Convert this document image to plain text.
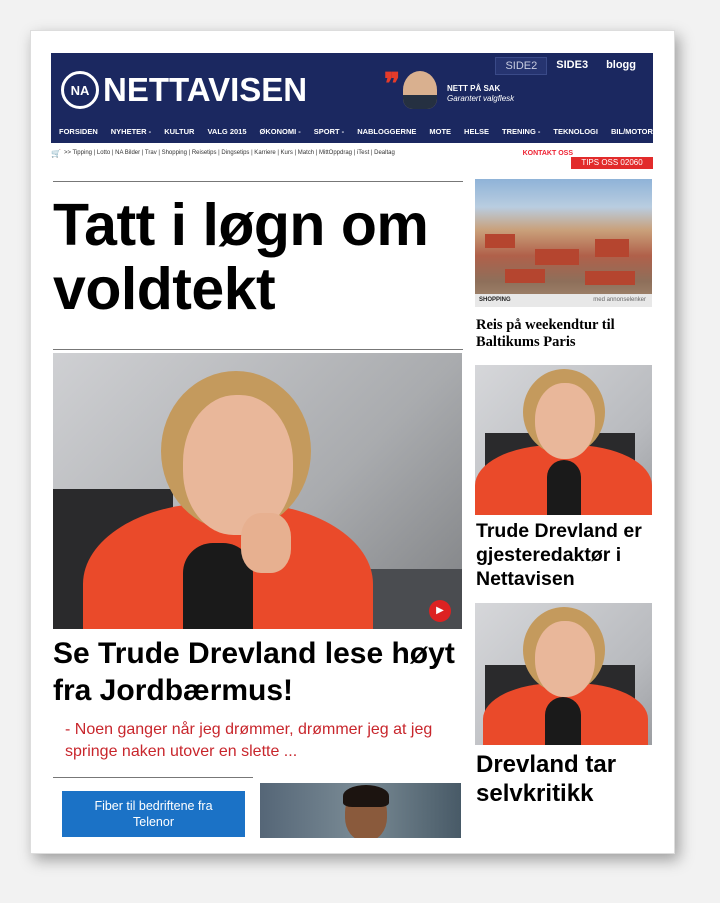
SIDE2	SIDE3	blogg
NA NETTAVISEN	❞	NETT PÅ SAK
Garantert valgflesk
FORSIDEN NYHETER - KULTUR VALG 2015 ØKONOMI - SPORT - NABLOGGERNE MOTE HELSE TRENING - TEKNOLOGI BIL/MOTOR
🛒 >> Tipping | Lotto | NA Bilder | Trav | Shopping | Reisetips | Dingsetips | Karriere | Kurs | Match | MittOppdrag | iTest | Dealtag	KONTAKT OSS
TIPS OSS 02060
Tatt i løgn om voldtekt
▶
Se Trude Drevland lese høyt fra Jordbærmus!
- Noen ganger når jeg drømmer, drømmer jeg at jeg springe naken utover en slette ...
Fiber til bedriftene fra Telenor
SHOPPING	med annonselenker
Reis på weekendtur til Baltikums Paris
Trude Drevland er gjesteredaktør i Nettavisen
Drevland tar selvkritikk
